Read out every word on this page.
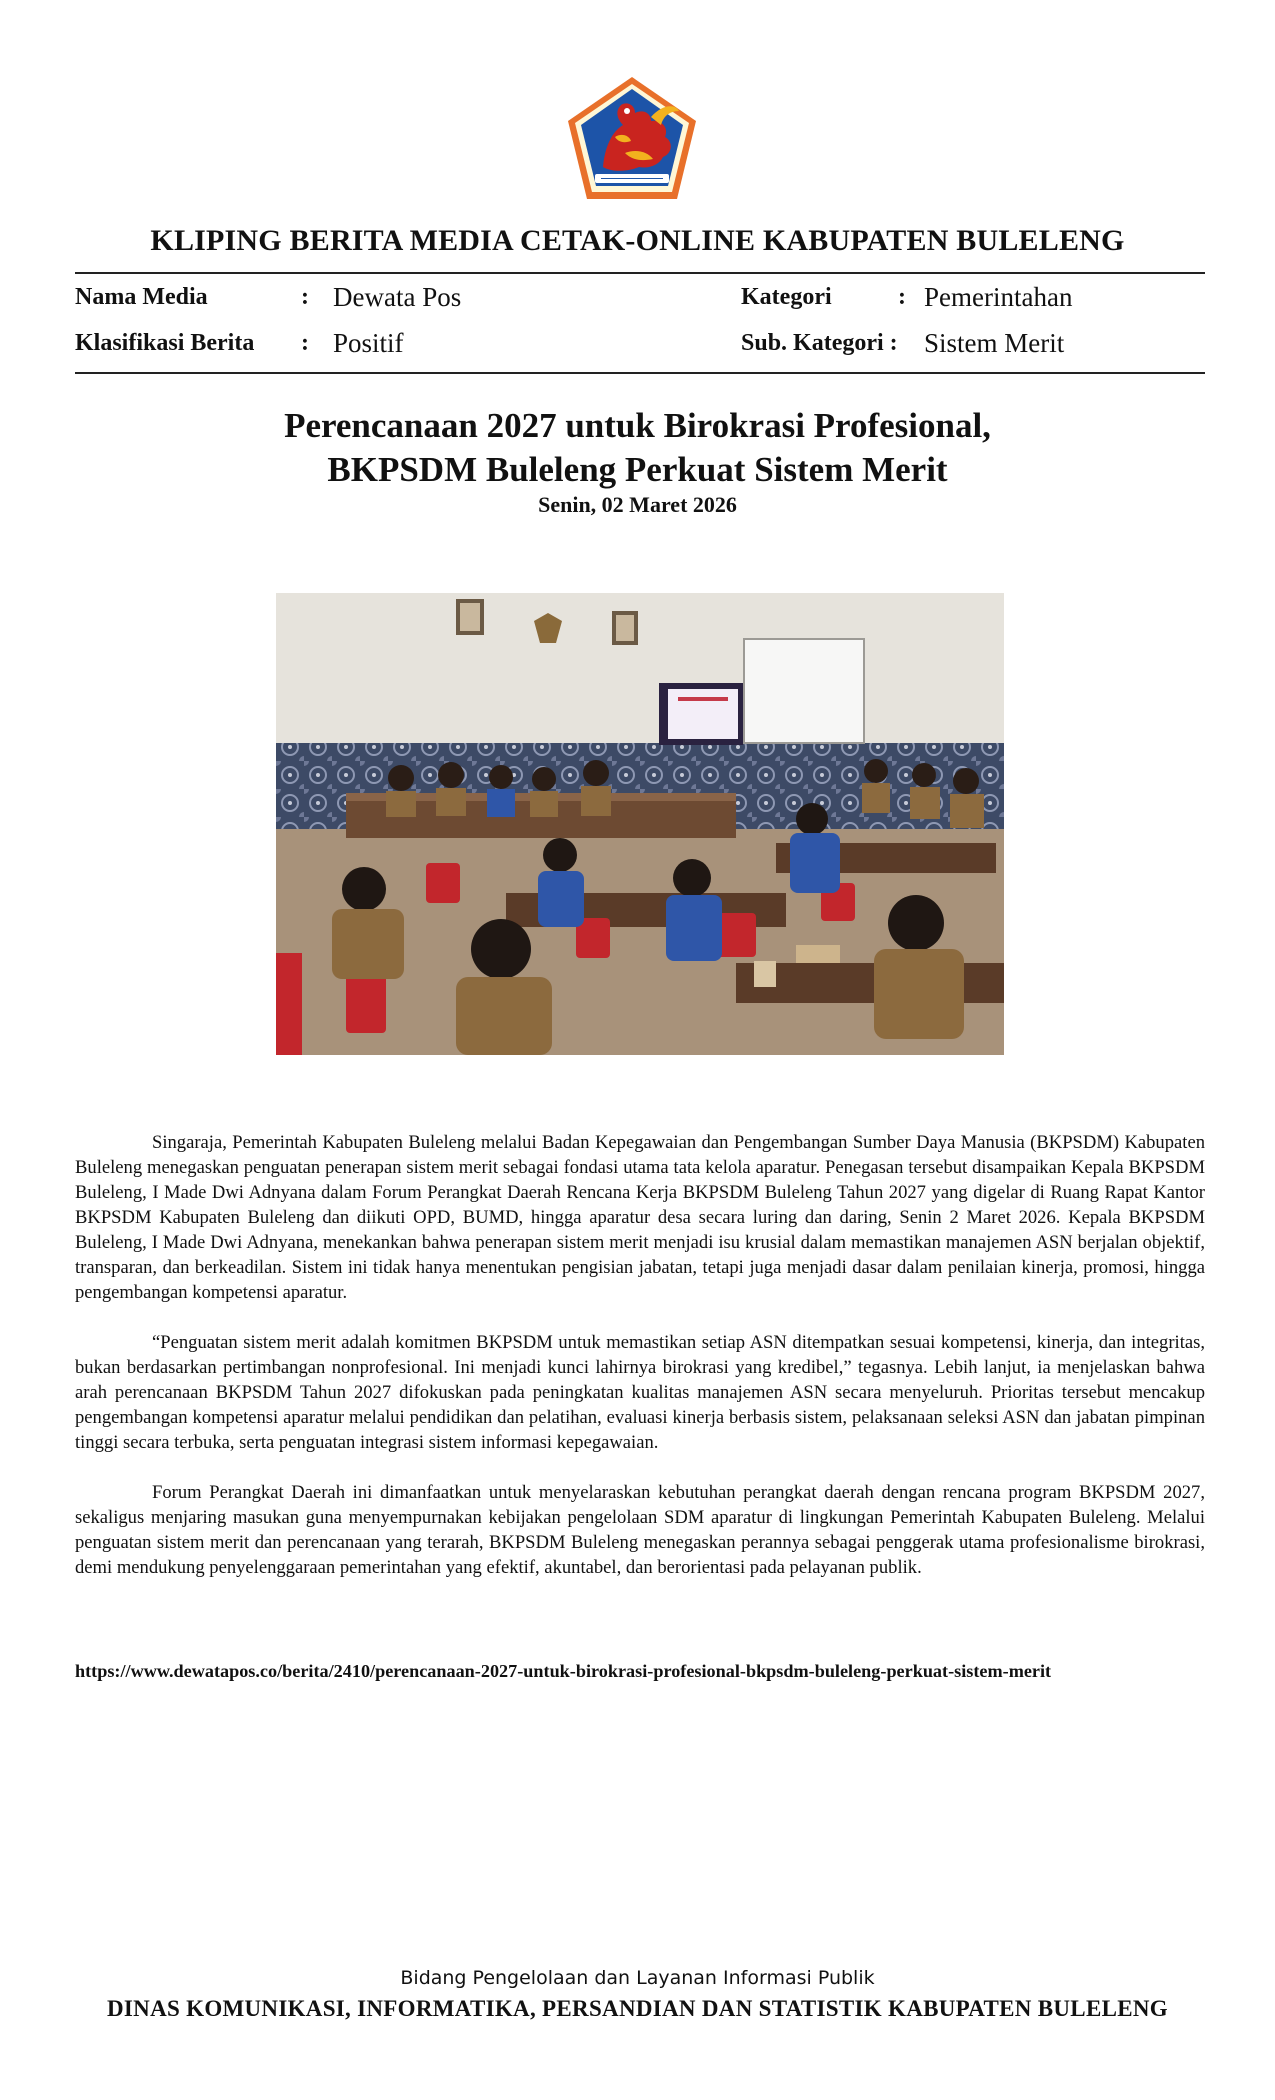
KLIPING BERITA MEDIA CETAK-ONLINE KABUPATEN BULELENG
Nama Media	: Dewata Pos
Klasifikasi Berita : Positif
Kategori	: Pemerintahan
Sub. Kategori : Sistem Merit
Perencanaan 2027 untuk Birokrasi Profesional,
BKPSDM Buleleng Perkuat Sistem Merit
Senin, 02 Maret 2026

Singaraja, Pemerintah Kabupaten Buleleng melalui Badan Kepegawaian dan Pengembangan Sumber Daya Manusia (BKPSDM) Kabupaten Buleleng menegaskan penguatan penerapan sistem merit sebagai fondasi utama tata kelola aparatur. Penegasan tersebut disampaikan Kepala BKPSDM Buleleng, I Made Dwi Adnyana dalam Forum Perangkat Daerah Rencana Kerja BKPSDM Buleleng Tahun 2027 yang digelar di Ruang Rapat Kantor BKPSDM Kabupaten Buleleng dan diikuti OPD, BUMD, hingga aparatur desa secara luring dan daring, Senin 2 Maret 2026. Kepala BKPSDM Buleleng, I Made Dwi Adnyana, menekankan bahwa penerapan sistem merit menjadi isu krusial dalam memastikan manajemen ASN berjalan objektif, transparan, dan berkeadilan. Sistem ini tidak hanya menentukan pengisian jabatan, tetapi juga menjadi dasar dalam penilaian kinerja, promosi, hingga pengembangan kompetensi aparatur.

“Penguatan sistem merit adalah komitmen BKPSDM untuk memastikan setiap ASN ditempatkan sesuai kompetensi, kinerja, dan integritas, bukan berdasarkan pertimbangan nonprofesional. Ini menjadi kunci lahirnya birokrasi yang kredibel,” tegasnya. Lebih lanjut, ia menjelaskan bahwa arah perencanaan BKPSDM Tahun 2027 difokuskan pada peningkatan kualitas manajemen ASN secara menyeluruh. Prioritas tersebut mencakup pengembangan kompetensi aparatur melalui pendidikan dan pelatihan, evaluasi kinerja berbasis sistem, pelaksanaan seleksi ASN dan jabatan pimpinan tinggi secara terbuka, serta penguatan integrasi sistem informasi kepegawaian.

Forum Perangkat Daerah ini dimanfaatkan untuk menyelaraskan kebutuhan perangkat daerah dengan rencana program BKPSDM 2027, sekaligus menjaring masukan guna menyempurnakan kebijakan pengelolaan SDM aparatur di lingkungan Pemerintah Kabupaten Buleleng. Melalui penguatan sistem merit dan perencanaan yang terarah, BKPSDM Buleleng menegaskan perannya sebagai penggerak utama profesionalisme birokrasi, demi mendukung penyelenggaraan pemerintahan yang efektif, akuntabel, dan berorientasi pada pelayanan publik.

https://www.dewatapos.co/berita/2410/perencanaan-2027-untuk-birokrasi-profesional-bkpsdm-buleleng-perkuat-sistem-merit
Bidang Pengelolaan dan Layanan Informasi Publik
DINAS KOMUNIKASI, INFORMATIKA, PERSANDIAN DAN STATISTIK KABUPATEN BULELENG
